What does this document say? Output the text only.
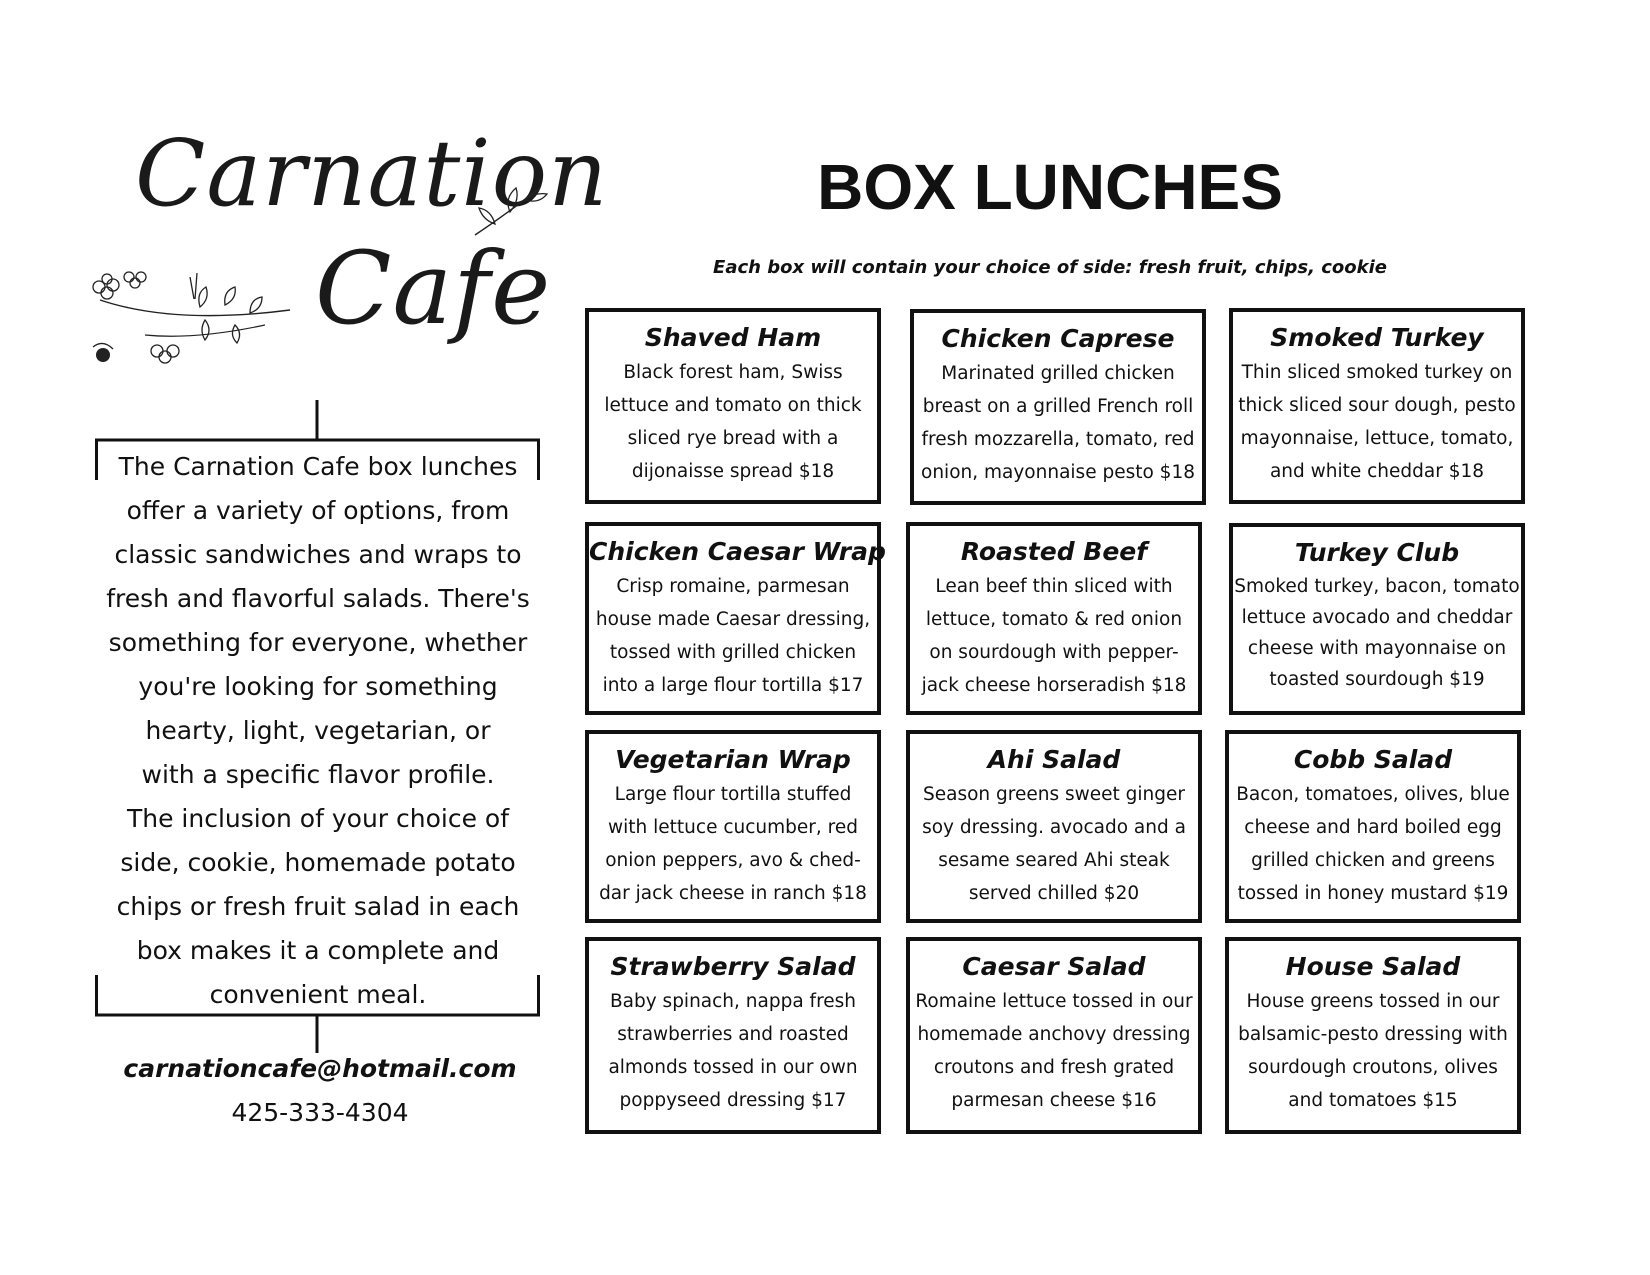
Carnation
Cafe
The Carnation Cafe box lunches
offer a variety of options, from
classic sandwiches and wraps to
fresh and flavorful salads. There's
something for everyone, whether
you're looking for something
hearty, light, vegetarian, or
with a specific flavor profile.
The inclusion of your choice of
side, cookie, homemade potato
chips or fresh fruit salad in each
box makes it a complete and
convenient meal.
carnationcafe@hotmail.com
425-333-4304
BOX LUNCHES
Each box will contain your choice of side: fresh fruit, chips, cookie
Shaved Ham
Black forest ham, Swiss
lettuce and tomato on thick
sliced rye bread with a
dijonaisse spread $18
Chicken Caprese
Marinated grilled chicken
breast on a grilled French roll
fresh mozzarella, tomato, red
onion, mayonnaise pesto $18
Smoked Turkey
Thin sliced smoked turkey on
thick sliced sour dough, pesto
mayonnaise, lettuce, tomato,
and white cheddar $18
Chicken Caesar Wrap
Crisp romaine, parmesan
house made Caesar dressing,
tossed with grilled chicken
into a large flour tortilla $17
Roasted Beef
Lean beef thin sliced with
lettuce, tomato & red onion
on sourdough with pepper-
jack cheese horseradish $18
Turkey Club
Smoked turkey, bacon, tomato
lettuce avocado and cheddar
cheese with mayonnaise on
toasted sourdough $19
Vegetarian Wrap
Large flour tortilla stuffed
with lettuce cucumber, red
onion peppers, avo & ched-
dar jack cheese in ranch $18
Ahi Salad
Season greens sweet ginger
soy dressing. avocado and a
sesame seared Ahi steak
served chilled $20
Cobb Salad
Bacon, tomatoes, olives, blue
cheese and hard boiled egg
grilled chicken and greens
tossed in honey mustard $19
Strawberry Salad
Baby spinach, nappa fresh
strawberries and roasted
almonds tossed in our own
poppyseed dressing $17
Caesar Salad
Romaine lettuce tossed in our
homemade anchovy dressing
croutons and fresh grated
parmesan cheese $16
House Salad
House greens tossed in our
balsamic-pesto dressing with
sourdough croutons, olives
and tomatoes $15
